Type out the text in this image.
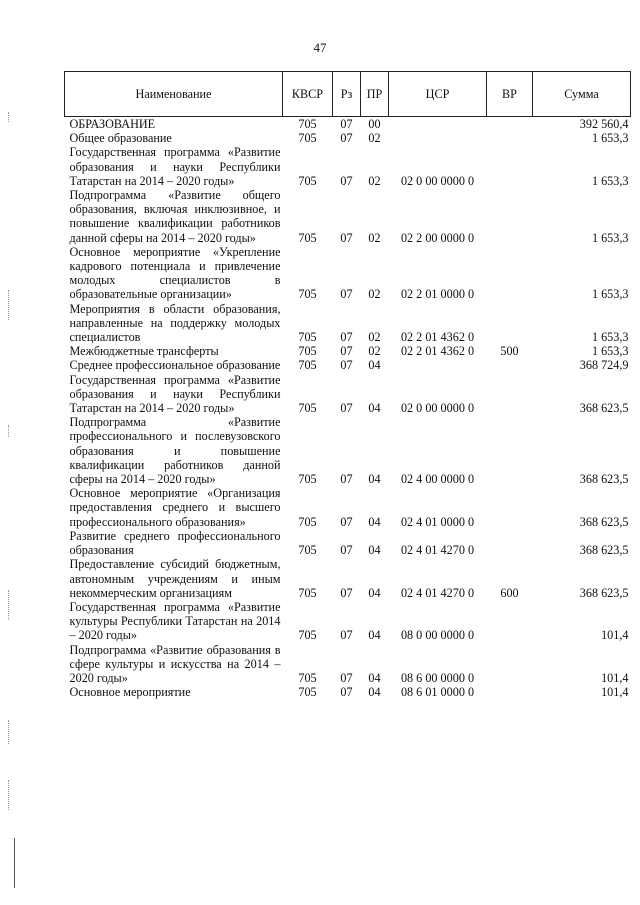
47
Наименование	КВСР	Рз	ПР	ЦСР	ВР	Сумма
ОБРАЗОВАНИЕ	705	07	00			392 560,4
Общее образование	705	07	02			1 653,3
Государственная программа «Развитие образования и науки Республики Татарстан на 2014 – 2020 годы»	705	07	02	02 0 00 0000 0		1 653,3
Подпрограмма «Развитие общего образования, включая инклюзивное, и повышение квалификации работников данной сферы на 2014 – 2020 годы»	705	07	02	02 2 00 0000 0		1 653,3
Основное мероприятие «Укрепление кадрового потенциала и привлечение молодых специалистов в образовательные организации»	705	07	02	02 2 01 0000 0		1 653,3
Мероприятия в области образования, направленные на поддержку молодых специалистов	705	07	02	02 2 01 4362 0		1 653,3
Межбюджетные трансферты	705	07	02	02 2 01 4362 0	500	1 653,3
Среднее профессиональное образование	705	07	04			368 724,9
Государственная программа «Развитие образования и науки Республики Татарстан на 2014 – 2020 годы»	705	07	04	02 0 00 0000 0		368 623,5
Подпрограмма «Развитие профессионального и послевузовского образования и повышение квалификации работников данной сферы на 2014 – 2020 годы»	705	07	04	02 4 00 0000 0		368 623,5
Основное мероприятие «Организация предоставления среднего и высшего профессионального образования»	705	07	04	02 4 01 0000 0		368 623,5
Развитие среднего профессионального образования	705	07	04	02 4 01 4270 0		368 623,5
Предоставление субсидий бюджетным, автономным учреждениям и иным некоммерческим организациям	705	07	04	02 4 01 4270 0	600	368 623,5
Государственная программа «Развитие культуры Республики Татарстан на 2014 – 2020 годы»	705	07	04	08 0 00 0000 0		101,4
Подпрограмма «Развитие образования в сфере культуры и искусства на 2014 – 2020 годы»	705	07	04	08 6 00 0000 0		101,4
Основное мероприятие	705	07	04	08 6 01 0000 0		101,4
